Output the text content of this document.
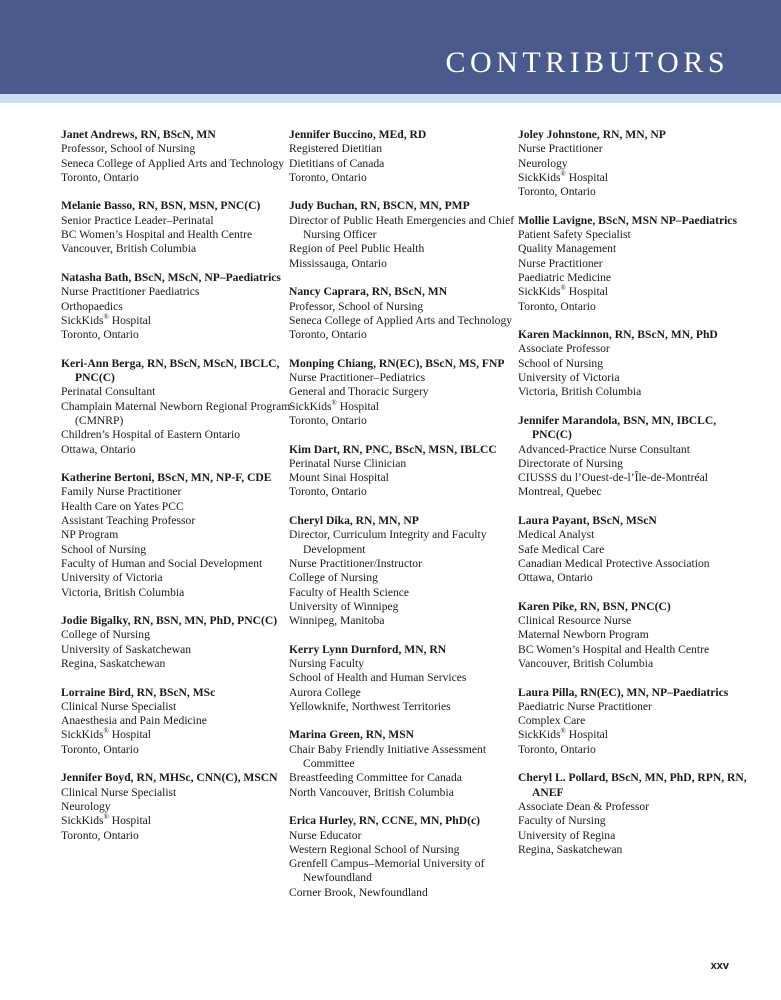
CONTRIBUTORS
Janet Andrews, RN, BScN, MN
Professor, School of Nursing
Seneca College of Applied Arts and Technology
Toronto, Ontario
Melanie Basso, RN, BSN, MSN, PNC(C)
Senior Practice Leader–Perinatal
BC Women’s Hospital and Health Centre
Vancouver, British Columbia
Natasha Bath, BScN, MScN, NP–Paediatrics
Nurse Practitioner Paediatrics
Orthopaedics
SickKids® Hospital
Toronto, Ontario
Keri-Ann Berga, RN, BScN, MScN, IBCLC, PNC(C)
Perinatal Consultant
Champlain Maternal Newborn Regional Program (CMNRP)
Children’s Hospital of Eastern Ontario
Ottawa, Ontario
Katherine Bertoni, BScN, MN, NP-F, CDE
Family Nurse Practitioner
Health Care on Yates PCC
Assistant Teaching Professor
NP Program
School of Nursing
Faculty of Human and Social Development
University of Victoria
Victoria, British Columbia
Jodie Bigalky, RN, BSN, MN, PhD, PNC(C)
College of Nursing
University of Saskatchewan
Regina, Saskatchewan
Lorraine Bird, RN, BScN, MSc
Clinical Nurse Specialist
Anaesthesia and Pain Medicine
SickKids® Hospital
Toronto, Ontario
Jennifer Boyd, RN, MHSc, CNN(C), MSCN
Clinical Nurse Specialist
Neurology
SickKids® Hospital
Toronto, Ontario
Jennifer Buccino, MEd, RD
Registered Dietitian
Dietitians of Canada
Toronto, Ontario
Judy Buchan, RN, BSCN, MN, PMP
Director of Public Heath Emergencies and Chief Nursing Officer
Region of Peel Public Health
Mississauga, Ontario
Nancy Caprara, RN, BScN, MN
Professor, School of Nursing
Seneca College of Applied Arts and Technology
Toronto, Ontario
Monping Chiang, RN(EC), BScN, MS, FNP
Nurse Practitioner–Pediatrics
General and Thoracic Surgery
SickKids® Hospital
Toronto, Ontario
Kim Dart, RN, PNC, BScN, MSN, IBLCC
Perinatal Nurse Clinician
Mount Sinai Hospital
Toronto, Ontario
Cheryl Dika, RN, MN, NP
Director, Curriculum Integrity and Faculty Development
Nurse Practitioner/Instructor
College of Nursing
Faculty of Health Science
University of Winnipeg
Winnipeg, Manitoba
Kerry Lynn Durnford, MN, RN
Nursing Faculty
School of Health and Human Services
Aurora College
Yellowknife, Northwest Territories
Marina Green, RN, MSN
Chair Baby Friendly Initiative Assessment Committee
Breastfeeding Committee for Canada
North Vancouver, British Columbia
Erica Hurley, RN, CCNE, MN, PhD(c)
Nurse Educator
Western Regional School of Nursing
Grenfell Campus–Memorial University of Newfoundland
Corner Brook, Newfoundland
Joley Johnstone, RN, MN, NP
Nurse Practitioner
Neurology
SickKids® Hospital
Toronto, Ontario
Mollie Lavigne, BScN, MSN NP–Paediatrics
Patient Safety Specialist
Quality Management
Nurse Practitioner
Paediatric Medicine
SickKids® Hospital
Toronto, Ontario
Karen Mackinnon, RN, BScN, MN, PhD
Associate Professor
School of Nursing
University of Victoria
Victoria, British Columbia
Jennifer Marandola, BSN, MN, IBCLC, PNC(C)
Advanced-Practice Nurse Consultant
Directorate of Nursing
CIUSSS du l’Ouest-de-l’Île-de-Montréal
Montreal, Quebec
Laura Payant, BScN, MScN
Medical Analyst
Safe Medical Care
Canadian Medical Protective Association
Ottawa, Ontario
Karen Pike, RN, BSN, PNC(C)
Clinical Resource Nurse
Maternal Newborn Program
BC Women’s Hospital and Health Centre
Vancouver, British Columbia
Laura Pilla, RN(EC), MN, NP–Paediatrics
Paediatric Nurse Practitioner
Complex Care
SickKids® Hospital
Toronto, Ontario
Cheryl L. Pollard, BScN, MN, PhD, RPN, RN, ANEF
Associate Dean & Professor
Faculty of Nursing
University of Regina
Regina, Saskatchewan
xxv
